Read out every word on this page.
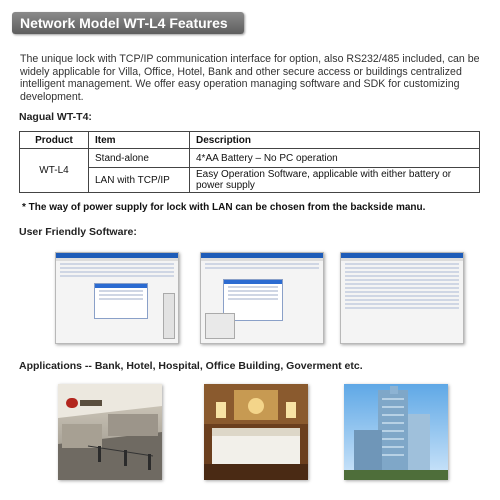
Network Model WT-L4 Features
The unique lock with TCP/IP communication interface for option, also RS232/485 included, can be widely applicable for Villa, Office, Hotel, Bank and other secure access or buildings centralized intelligent management. We offer easy operation managing software and SDK for customizing development.
Nagual WT-T4:
Product	Item	Description
WT-L4	Stand-alone	4*AA Battery – No PC operation
	LAN with TCP/IP	Easy Operation Software, applicable with either battery or power supply
* The way of power supply for lock with LAN can be chosen from the backside manu.
User Friendly Software:
Applications -- Bank, Hotel, Hospital, Office Building, Goverment etc.
